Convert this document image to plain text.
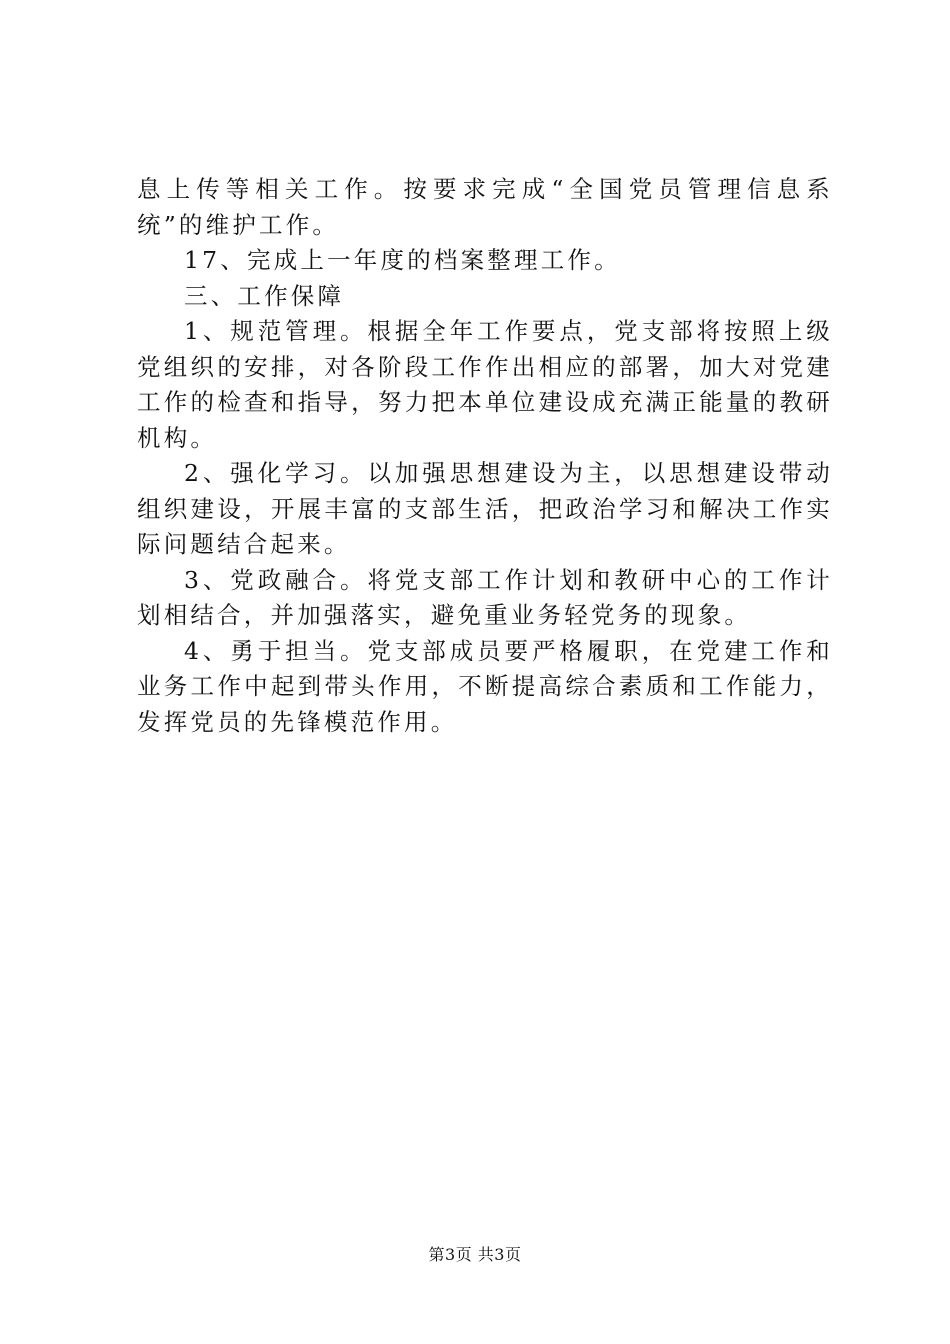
息上传等相关工作。按要求完成“全国党员管理信息系统”的维护工作。

17、完成上一年度的档案整理工作。

三、工作保障

1、规范管理。根据全年工作要点，党支部将按照上级党组织的安排，对各阶段工作作出相应的部署，加大对党建工作的检查和指导，努力把本单位建设成充满正能量的教研机构。

2、强化学习。以加强思想建设为主，以思想建设带动组织建设，开展丰富的支部生活，把政治学习和解决工作实际问题结合起来。

3、党政融合。将党支部工作计划和教研中心的工作计划相结合，并加强落实，避免重业务轻党务的现象。

4、勇于担当。党支部成员要严格履职，在党建工作和业务工作中起到带头作用，不断提高综合素质和工作能力，发挥党员的先锋模范作用。

第3页 共3页
